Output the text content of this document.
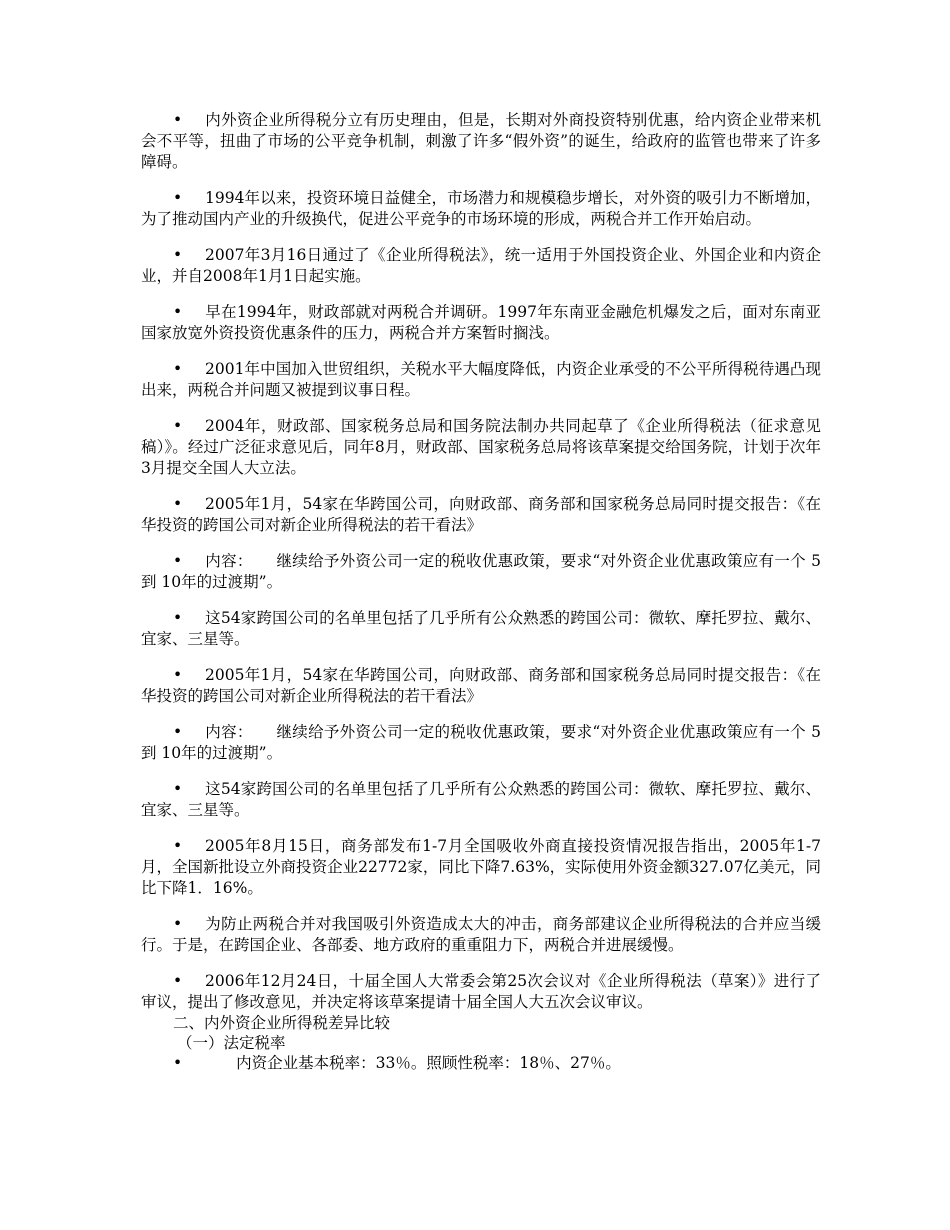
• 内外资企业所得税分立有历史理由，但是，长期对外商投资特别优惠，给内资企业带来机会不平等，扭曲了市场的公平竞争机制，刺激了许多“假外资”的诞生，给政府的监管也带来了许多障碍。

• 1994年以来，投资环境日益健全，市场潜力和规模稳步增长，对外资的吸引力不断增加，为了推动国内产业的升级换代，促进公平竞争的市场环境的形成，两税合并工作开始启动。

• 2007年3月16日通过了《企业所得税法》，统一适用于外国投资企业、外国企业和内资企业，并自2008年1月1日起实施。

• 早在1994年，财政部就对两税合并调研。1997年东南亚金融危机爆发之后，面对东南亚国家放宽外资投资优惠条件的压力，两税合并方案暂时搁浅。

• 2001年中国加入世贸组织，关税水平大幅度降低，内资企业承受的不公平所得税待遇凸现出来，两税合并问题又被提到议事日程。

• 2004年，财政部、国家税务总局和国务院法制办共同起草了《企业所得税法（征求意见稿）》。经过广泛征求意见后，同年8月，财政部、国家税务总局将该草案提交给国务院，计划于次年3月提交全国人大立法。

• 2005年1月，54家在华跨国公司，向财政部、商务部和国家税务总局同时提交报告：《在华投资的跨国公司对新企业所得税法的若干看法》

• 内容：　　继续给予外资公司一定的税收优惠政策，要求“对外资企业优惠政策应有一个 5到 10年的过渡期”。

• 这54家跨国公司的名单里包括了几乎所有公众熟悉的跨国公司：微软、摩托罗拉、戴尔、宜家、三星等。

• 2005年1月，54家在华跨国公司，向财政部、商务部和国家税务总局同时提交报告：《在华投资的跨国公司对新企业所得税法的若干看法》

• 内容：　　继续给予外资公司一定的税收优惠政策，要求“对外资企业优惠政策应有一个 5到 10年的过渡期”。

• 这54家跨国公司的名单里包括了几乎所有公众熟悉的跨国公司：微软、摩托罗拉、戴尔、宜家、三星等。

• 2005年8月15日，商务部发布1-7月全国吸收外商直接投资情况报告指出，2005年1-7月，全国新批设立外商投资企业22772家，同比下降7.63%，实际使用外资金额327.07亿美元，同比下降1．16%。

• 为防止两税合并对我国吸引外资造成太大的冲击，商务部建议企业所得税法的合并应当缓行。于是，在跨国企业、各部委、地方政府的重重阻力下，两税合并进展缓慢。

• 2006年12月24日，十届全国人大常委会第25次会议对《企业所得税法（草案）》进行了审议，提出了修改意见，并决定将该草案提请十届全国人大五次会议审议。

二、内外资企业所得税差异比较

（一）法定税率

•	内资企业基本税率：33％。照顾性税率：18％、27％。
